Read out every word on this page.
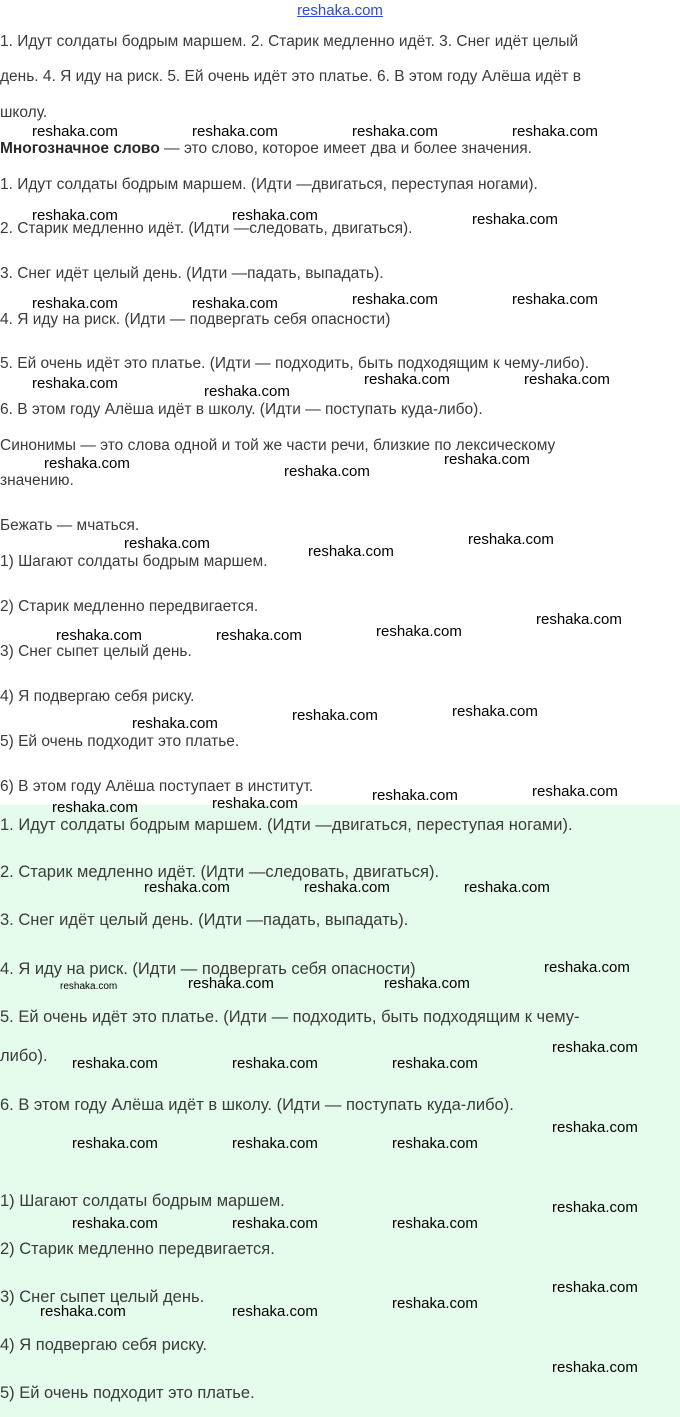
reshaka.com
1. Идут солдаты бодрым маршем. 2. Старик медленно идёт. 3. Снег идёт целый
день. 4. Я иду на риск. 5. Ей очень идёт это платье. 6. В этом году Алёша идёт в
школу.
Многозначное слово — это слово, которое имеет два и более значения.
1. Идут солдаты бодрым маршем. (Идти —двигаться, переступая ногами).
2. Старик медленно идёт. (Идти —следовать, двигаться).
3. Снег идёт целый день. (Идти —падать, выпадать).
4. Я иду на риск. (Идти — подвергать себя опасности)
5. Ей очень идёт это платье. (Идти — подходить, быть подходящим к чему-либо).
6. В этом году Алёша идёт в школу. (Идти — поступать куда-либо).
Синонимы — это слова одной и той же части речи, близкие по лексическому
значению.
Бежать — мчаться.
1) Шагают солдаты бодрым маршем.
2) Старик медленно передвигается.
3) Снег сыпет целый день.
4) Я подвергаю себя риску.
5) Ей очень подходит это платье.
6) В этом году Алёша поступает в институт.
1. Идут солдаты бодрым маршем. (Идти —двигаться, переступая ногами).
2. Старик медленно идёт. (Идти —следовать, двигаться).
3. Снег идёт целый день. (Идти —падать, выпадать).
4. Я иду на риск. (Идти — подвергать себя опасности)
5. Ей очень идёт это платье. (Идти — подходить, быть подходящим к чему-
либо).
6. В этом году Алёша идёт в школу. (Идти — поступать куда-либо).
1) Шагают солдаты бодрым маршем.
2) Старик медленно передвигается.
3) Снег сыпет целый день.
4) Я подвергаю себя риску.
5) Ей очень подходит это платье.
reshaka.com	reshaka.com	reshaka.com	reshaka.com
reshaka.com	reshaka.com	reshaka.com
reshaka.com	reshaka.com	reshaka.com	reshaka.com
reshaka.com	reshaka.com
reshaka.com	reshaka.com
reshaka.com	reshaka.com
reshaka.com
reshaka.com	reshaka.com
reshaka.com
reshaka.com	reshaka.com	reshaka.com
reshaka.com
reshaka.com	reshaka.com	reshaka.com
reshaka.com	reshaka.com	reshaka.com	reshaka.com
reshaka.com	reshaka.com	reshaka.com
reshaka.com	reshaka.com	reshaka.com
reshaka.com
reshaka.com	reshaka.com	reshaka.com
reshaka.com
reshaka.com	reshaka.com	reshaka.com
reshaka.com
reshaka.com	reshaka.com	reshaka.com
reshaka.com
reshaka.com	reshaka.com	reshaka.com
reshaka.com
reshaka.com
